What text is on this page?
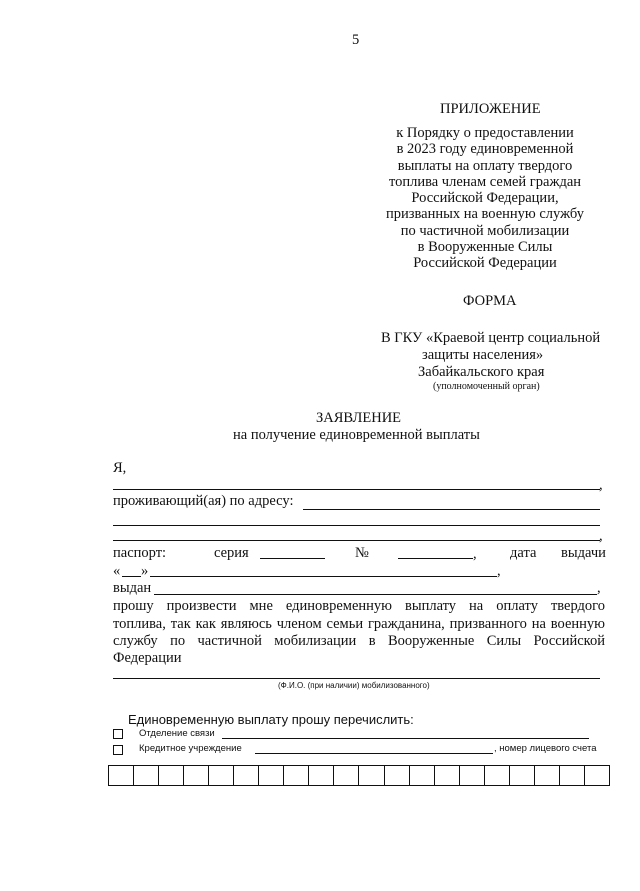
5
ПРИЛОЖЕНИЕ
к Порядку о предоставлении
в 2023 году единовременной
выплаты на оплату твердого
топлива членам семей граждан
Российской Федерации,
призванных на военную службу
по частичной мобилизации
в Вооруженные Силы
Российской Федерации
ФОРМА
В ГКУ «Краевой центр социальной
защиты населения»
Забайкальского края
(уполномоченный орган)
ЗАЯВЛЕНИЕ
на получение единовременной выплаты
Я,
,
проживающий(ая) по адресу:
,
паспорт:	серия	№	, дата выдачи
« »	,
выдан	,
прошу произвести мне единовременную выплату на оплату твердого
топлива, так как являюсь членом семьи гражданина, призванного на военную
службу по частичной мобилизации в Вооруженные Силы Российской
Федерации
(Ф.И.О. (при наличии) мобилизованного)
Единовременную выплату прошу перечислить:
Отделение связи
Кредитное учреждение	, номер лицевого счета
